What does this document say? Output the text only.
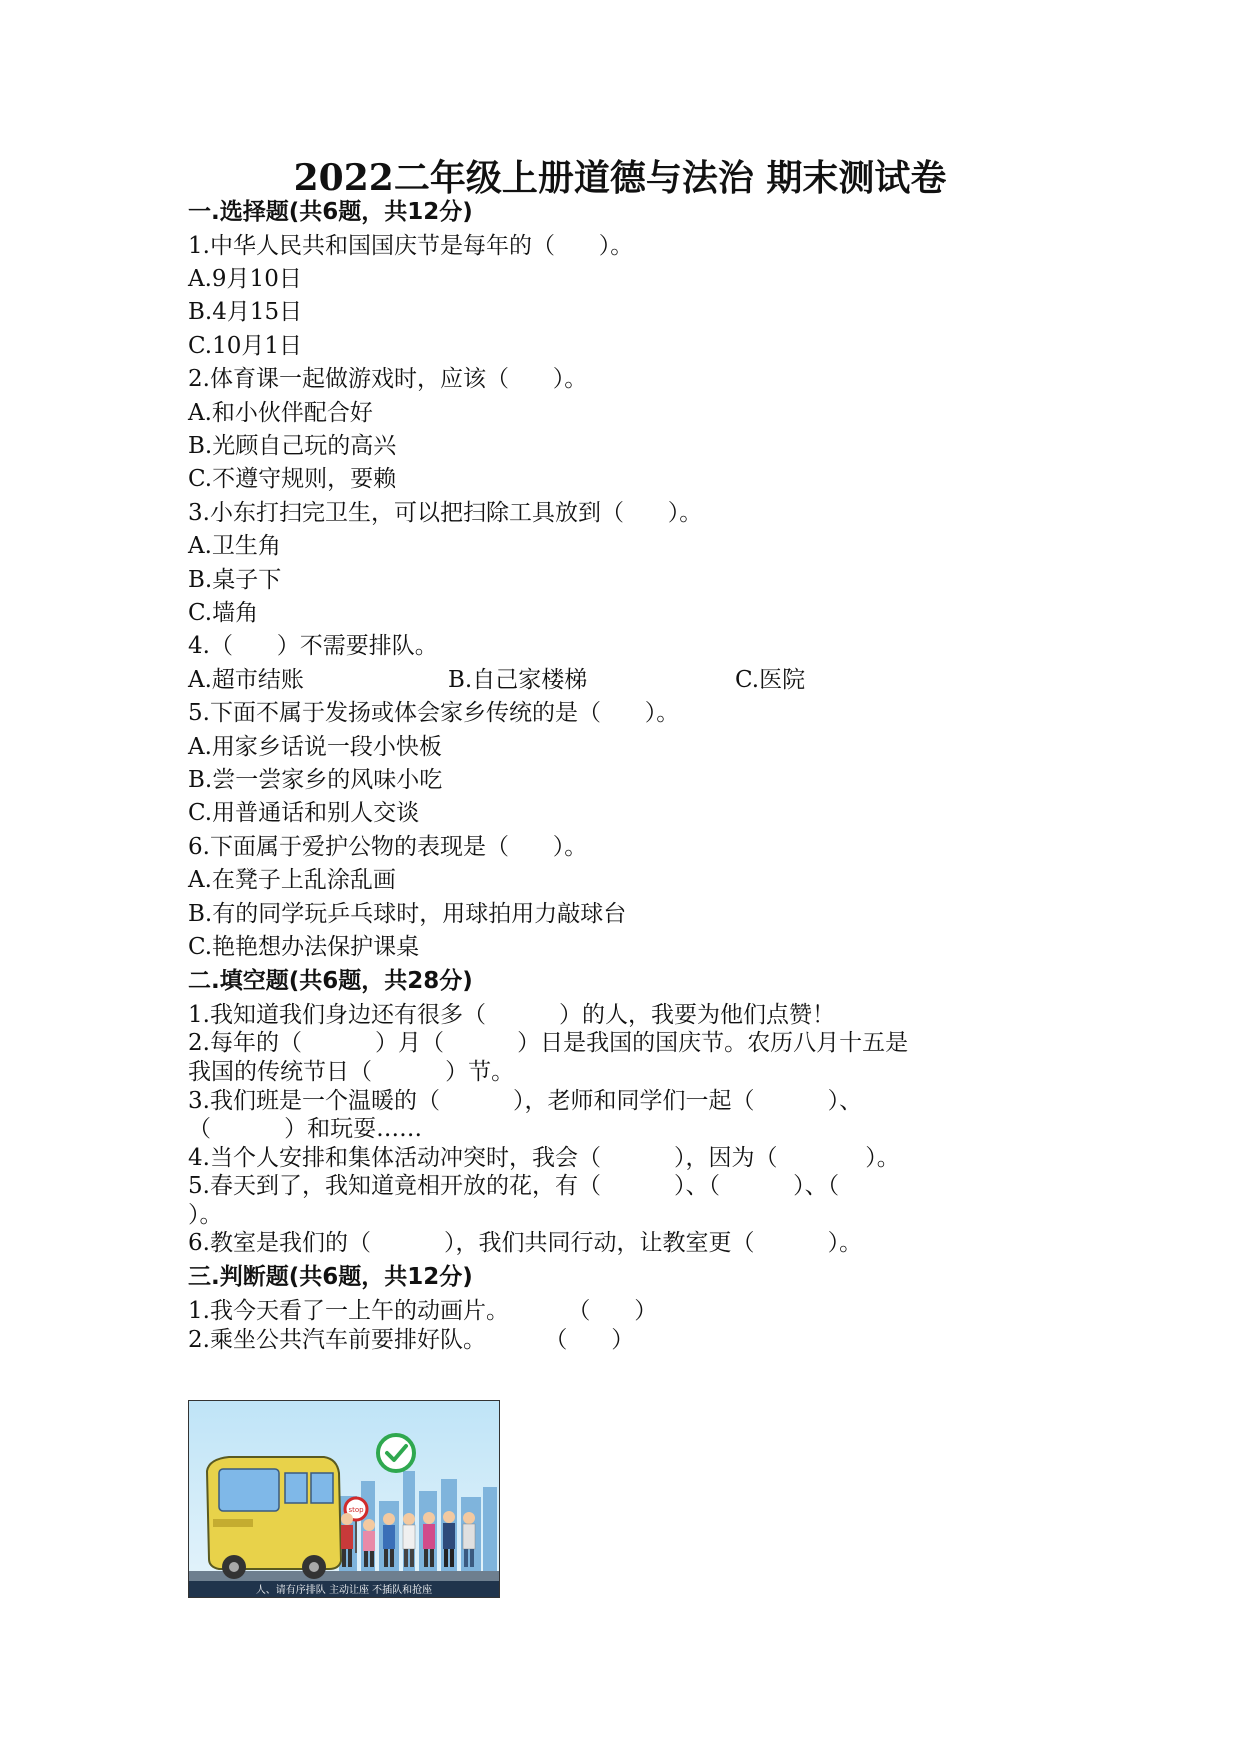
2022二年级上册道德与法治 期末测试卷
一.选择题(共6题，共12分)
1.中华人民共和国国庆节是每年的（      ）。
A.9月10日
B.4月15日
C.10月1日
2.体育课一起做游戏时，应该（      ）。
A.和小伙伴配合好
B.光顾自己玩的高兴
C.不遵守规则，要赖
3.小东打扫完卫生，可以把扫除工具放到（      ）。
A.卫生角
B.桌子下
C.墙角
4.（      ）不需要排队。
A.超市结账	B.自己家楼梯	C.医院
5.下面不属于发扬或体会家乡传统的是（      ）。
A.用家乡话说一段小快板
B.尝一尝家乡的风味小吃
C.用普通话和别人交谈
6.下面属于爱护公物的表现是（      ）。
A.在凳子上乱涂乱画
B.有的同学玩乒乓球时，用球拍用力敲球台
C.艳艳想办法保护课桌
二.填空题(共6题，共28分)
1.我知道我们身边还有很多（          ）的人，我要为他们点赞！
2.每年的（          ）月（          ）日是我国的国庆节。农历八月十五是
我国的传统节日（          ）节。
3.我们班是一个温暖的（          ），老师和同学们一起（          ）、
（          ）和玩耍……
4.当个人安排和集体活动冲突时，我会（          ），因为（            ）。
5.春天到了，我知道竟相开放的花，有（          ）、（          ）、（
）。
6.教室是我们的（          ），我们共同行动，让教室更（          ）。
三.判断题(共6题，共12分)
1.我今天看了一上午的动画片。        （      ）
2.乘坐公共汽车前要排好队。        （      ）
stop
人、请有序排队 主动让座 不插队和抢座
